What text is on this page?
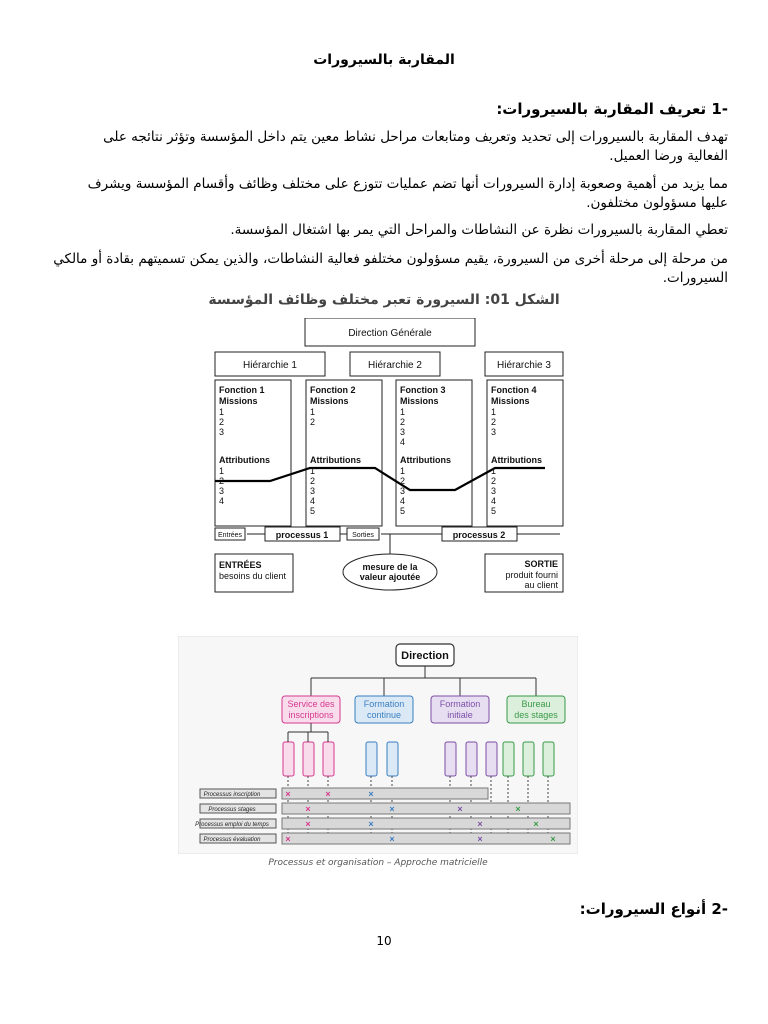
المقاربة بالسيرورات
-1 تعريف المقاربة بالسيرورات:
تهدف المقاربة بالسيرورات إلى تحديد وتعريف ومتابعات مراحل نشاط معين يتم داخل المؤسسة وتؤثر نتائجه على
الفعالية ورضا العميل.
مما يزيد من أهمية وصعوبة إدارة السيرورات أنها تضم عمليات تتوزع على مختلف وظائف وأقسام المؤسسة ويشرف
عليها مسؤولون مختلفون.
تعطي المقاربة بالسيرورات نظرة عن النشاطات والمراحل التي يمر بها اشتغال المؤسسة.
من مرحلة إلى مرحلة أخرى من السيرورة، يقيم مسؤولون مختلفو فعالية النشاطات، والذين يمكن تسميتهم بقادة أو مالكي
السيرورات.
الشكل 01: السيرورة تعبر مختلف وظائف المؤسسة
Direction Générale
Hiérarchie 1	Hiérarchie 2	Hiérarchie 3
Fonction 1
Missions
Fonction 2
Missions
Fonction 3
Missions
Fonction 4
Missions
Attributions	Attributions	Attributions	Attributions
1
2
3
1
2
3
4
1
2
1
2
3
4
5
1
2
3
4
1
2
3
4
5
1
2
3
1
2
3
4
5
Entrées	Sorties
processus 1	processus 2
ENTRÉES
besoins du client
mesure de la
valeur ajoutée
SORTIE
produit fourni
au client
Direction
Service des
inscriptions
Formation
continue
Formation
initiale
Bureau
des stages
×	×	×
×	×	×	×
×	×	×	×
×	×	×	×
Processus inscription
Processus stages
Processus emploi du temps
Processus évaluation
Processus et organisation – Approche matricielle
-2 أنواع السيرورات:
10
